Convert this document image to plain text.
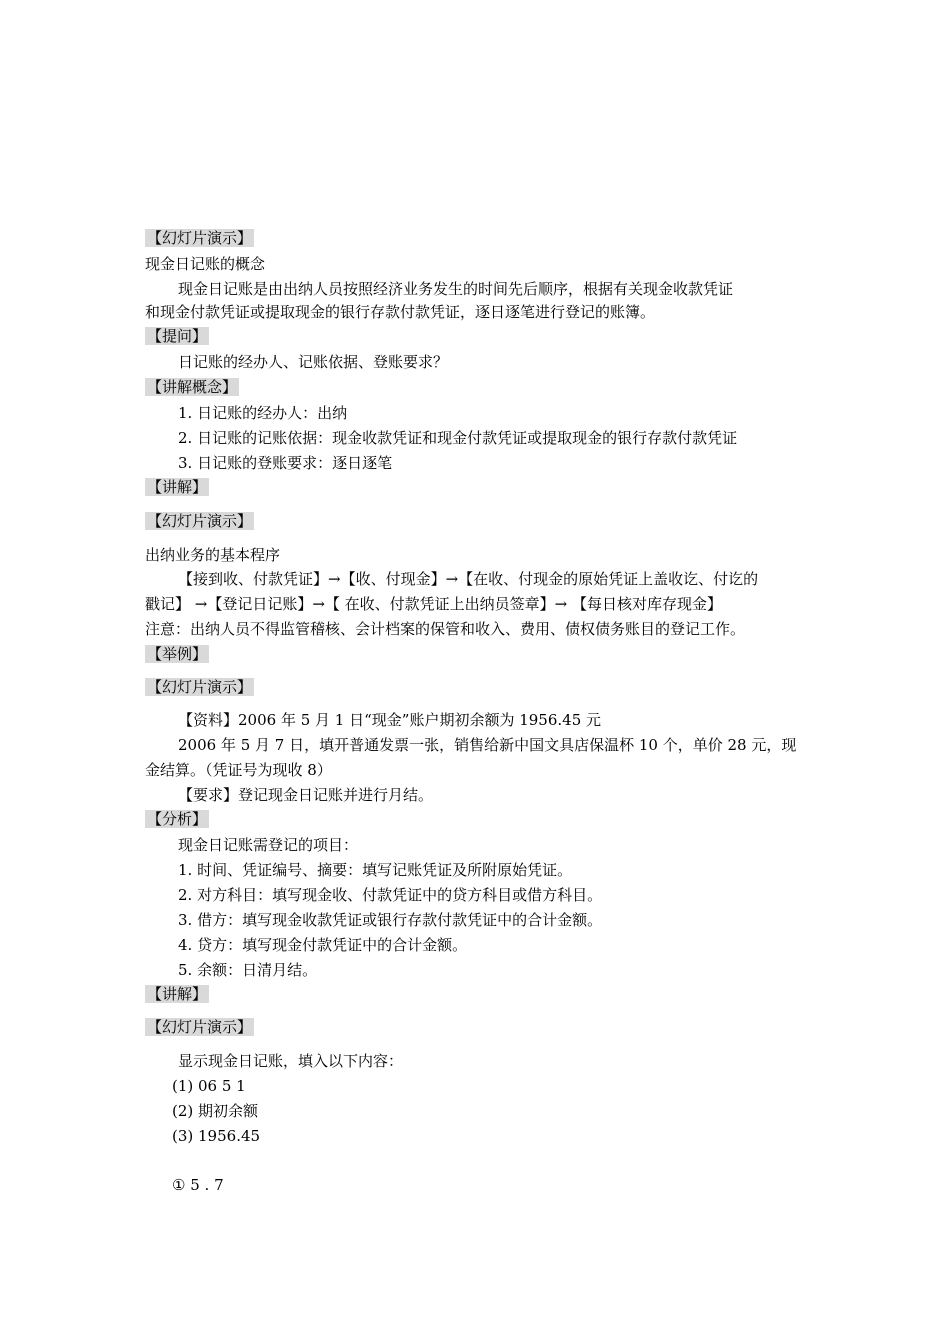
【幻灯片演示】
现金日记账的概念
现金日记账是由出纳人员按照经济业务发生的时间先后顺序，根据有关现金收款凭证
和现金付款凭证或提取现金的银行存款付款凭证，逐日逐笔进行登记的账簿。
【提问】
日记账的经办人、记账依据、登账要求？
【讲解概念】
1. 日记账的经办人：出纳
2. 日记账的记账依据：现金收款凭证和现金付款凭证或提取现金的银行存款付款凭证
3. 日记账的登账要求：逐日逐笔
【讲解】
【幻灯片演示】
出纳业务的基本程序
【接到收、付款凭证】→【收、付现金】→【在收、付现金的原始凭证上盖收讫、付讫的
戳记】 →【登记日记账】→【 在收、付款凭证上出纳员签章】→ 【每日核对库存现金】
注意：出纳人员不得监管稽核、会计档案的保管和收入、费用、债权债务账目的登记工作。
【举例】
【幻灯片演示】
【资料】2006 年 5 月 1 日“现金”账户期初余额为 1956.45 元
2006 年 5 月 7 日，填开普通发票一张，销售给新中国文具店保温杯 10 个，单价 28 元，现
金结算。（凭证号为现收 8）
【要求】登记现金日记账并进行月结。
【分析】
现金日记账需登记的项目：
1. 时间、凭证编号、摘要：填写记账凭证及所附原始凭证。
2. 对方科目：填写现金收、付款凭证中的贷方科目或借方科目。
3. 借方：填写现金收款凭证或银行存款付款凭证中的合计金额。
4. 贷方：填写现金付款凭证中的合计金额。
5. 余额：日清月结。
【讲解】
【幻灯片演示】
显示现金日记账，填入以下内容：
(1) 06 5 1
(2) 期初余额
(3) 1956.45
① 5 . 7
